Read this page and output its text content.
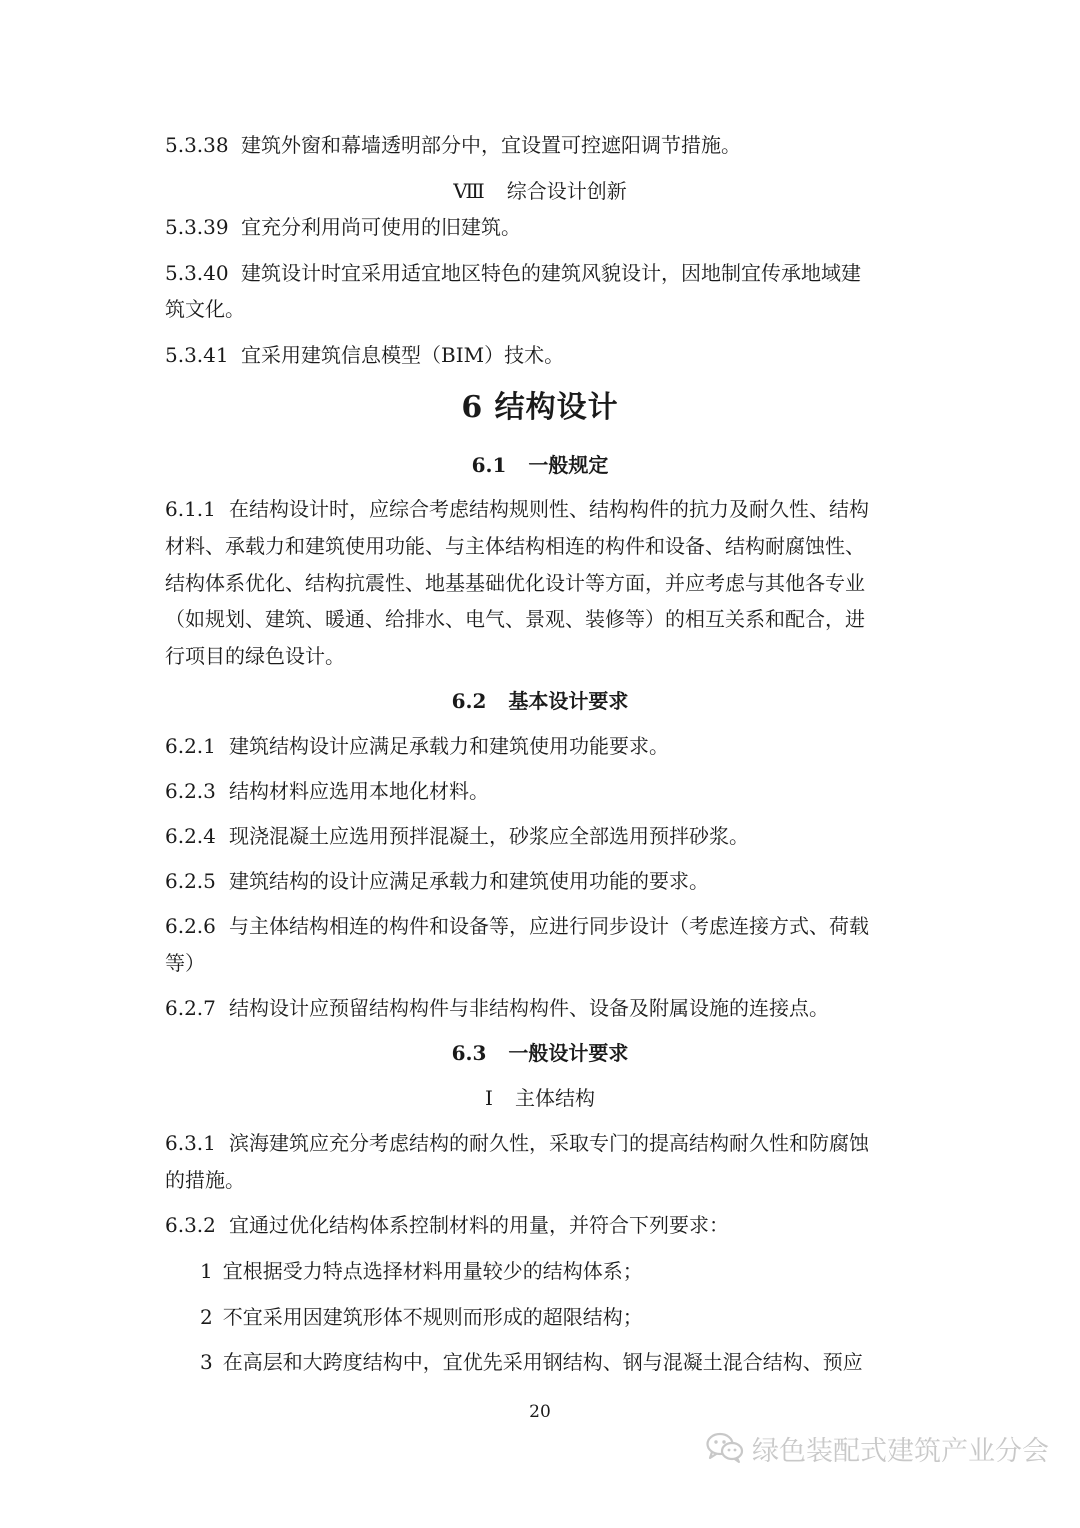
5.3.38 建筑外窗和幕墙透明部分中，宜设置可控遮阳调节措施。
Ⅷ 综合设计创新
5.3.39 宜充分利用尚可使用的旧建筑。
5.3.40 建筑设计时宜采用适宜地区特色的建筑风貌设计，因地制宜传承地域建
筑文化。
5.3.41 宜采用建筑信息模型（BIM）技术。
6 结构设计
6.1 一般规定
6.1.1 在结构设计时，应综合考虑结构规则性、结构构件的抗力及耐久性、结构
材料、承载力和建筑使用功能、与主体结构相连的构件和设备、结构耐腐蚀性、
结构体系优化、结构抗震性、地基基础优化设计等方面，并应考虑与其他各专业
（如规划、建筑、暖通、给排水、电气、景观、装修等）的相互关系和配合，进
行项目的绿色设计。
6.2 基本设计要求
6.2.1 建筑结构设计应满足承载力和建筑使用功能要求。
6.2.3 结构材料应选用本地化材料。
6.2.4 现浇混凝土应选用预拌混凝土，砂浆应全部选用预拌砂浆。
6.2.5 建筑结构的设计应满足承载力和建筑使用功能的要求。
6.2.6 与主体结构相连的构件和设备等，应进行同步设计（考虑连接方式、荷载
等）
6.2.7 结构设计应预留结构构件与非结构构件、设备及附属设施的连接点。
6.3 一般设计要求
Ⅰ 主体结构
6.3.1 滨海建筑应充分考虑结构的耐久性，采取专门的提高结构耐久性和防腐蚀
的措施。
6.3.2 宜通过优化结构体系控制材料的用量，并符合下列要求：
1 宜根据受力特点选择材料用量较少的结构体系；
2 不宜采用因建筑形体不规则而形成的超限结构；
3 在高层和大跨度结构中，宜优先采用钢结构、钢与混凝土混合结构、预应
20
绿色装配式建筑产业分会
